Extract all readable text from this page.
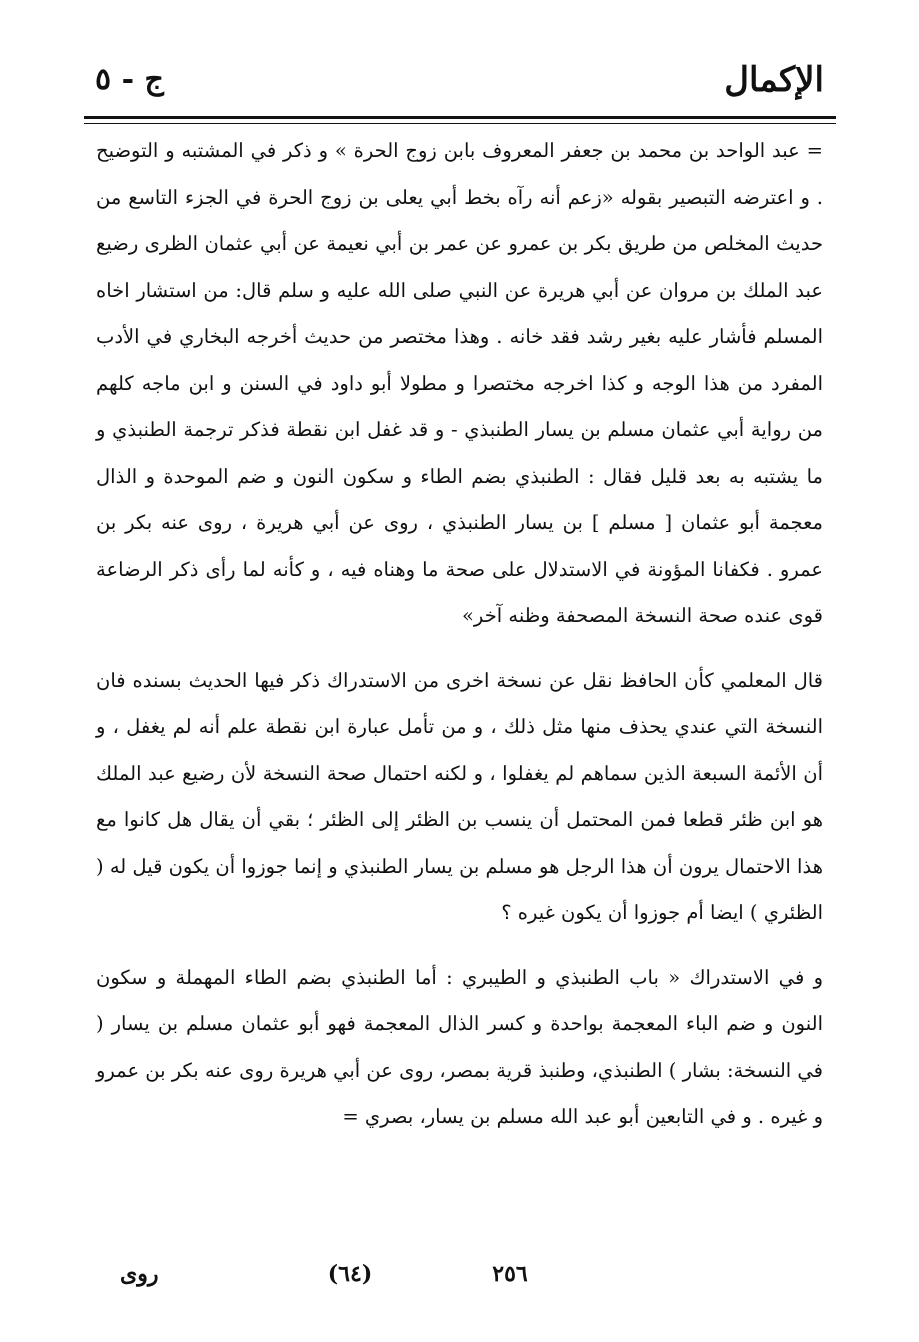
الإكمال
ج - ٥

= عبد الواحد بن محمد بن جعفر المعروف بابن زوج الحرة » و ذكر في المشتبه و التوضيح . و اعترضه التبصير بقوله «زعم أنه رآه بخط أبي يعلى بن زوج الحرة في الجزء التاسع من حديث المخلص من طريق بكر بن عمرو عن عمر بن أبي نعيمة عن أبي عثمان الظرى رضيع عبد الملك بن مروان عن أبي هريرة عن النبي صلى الله عليه و سلم قال: من استشار اخاه المسلم فأشار عليه بغير رشد فقد خانه . وهذا مختصر من حديث أخرجه البخاري في الأدب المفرد من هذا الوجه و كذا اخرجه مختصرا و مطولا أبو داود في السنن و ابن ماجه كلهم من رواية أبي عثمان مسلم بن يسار الطنبذي - و قد غفل ابن نقطة فذكر ترجمة الطنبذي و ما يشتبه به بعد قليل فقال : الطنبذي بضم الطاء و سكون النون و ضم الموحدة و الذال معجمة أبو عثمان [ مسلم ] بن يسار الطنبذي ، روى عن أبي هريرة ، روى عنه بكر بن عمرو . فكفانا المؤونة في الاستدلال على صحة ما وهناه فيه ، و كأنه لما رأى ذكر الرضاعة قوى عنده صحة النسخة المصحفة وظنه آخر»

قال المعلمي كأن الحافظ نقل عن نسخة اخرى من الاستدراك ذكر فيها الحديث بسنده فان النسخة التي عندي يحذف منها مثل ذلك ، و من تأمل عبارة ابن نقطة علم أنه لم يغفل ، و أن الأئمة السبعة الذين سماهم لم يغفلوا ، و لكنه احتمال صحة النسخة لأن رضيع عبد الملك هو ابن ظئر قطعا فمن المحتمل أن ينسب بن الظئر إلى الظئر ؛ بقي أن يقال هل كانوا مع هذا الاحتمال يرون أن هذا الرجل هو مسلم بن يسار الطنبذي و إنما جوزوا أن يكون قيل له ( الظئري ) ايضا أم جوزوا أن يكون غيره ؟

و في الاستدراك « باب الطنبذي و الطيبري : أما الطنبذي بضم الطاء المهملة و سكون النون و ضم الباء المعجمة بواحدة و كسر الذال المعجمة فهو أبو عثمان مسلم بن يسار ( في النسخة: بشار ) الطنبذي، وطنبذ قرية بمصر، روى عن أبي هريرة روى عنه بكر بن عمرو و غيره . و في التابعين أبو عبد الله مسلم بن يسار، بصري =

روى	(٦٤)	٢٥٦
